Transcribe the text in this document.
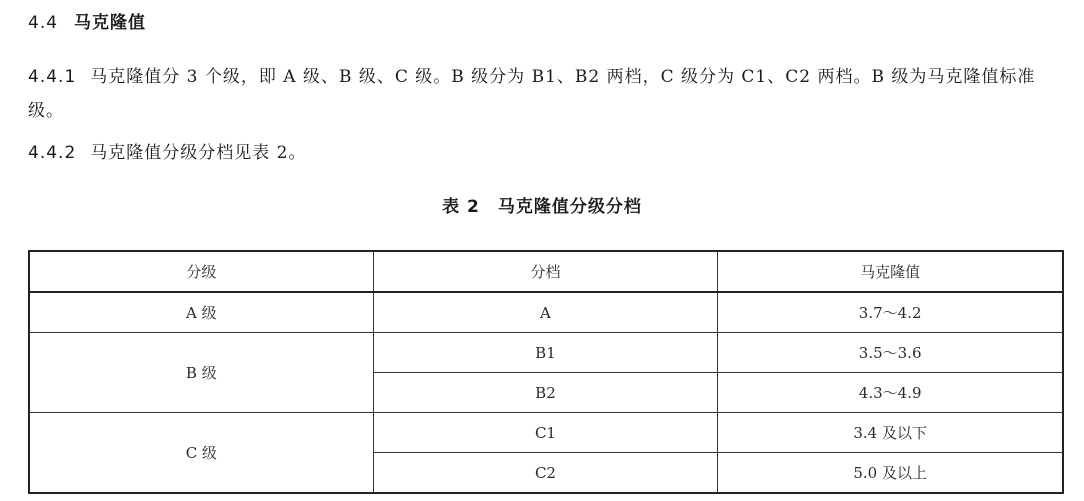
4.4 马克隆值
4.4.1 马克隆值分 3 个级，即 A 级、B 级、C 级。B 级分为 B1、B2 两档，C 级分为 C1、C2 两档。B 级为马克隆值标准级。
4.4.2 马克隆值分级分档见表 2。
表 2 马克隆值分级分档
分级	分档	马克隆值
A 级	A	3.7～4.2
B 级	B1	3.5～3.6
	B2	4.3～4.9
C 级	C1	3.4 及以下
	C2	5.0 及以上
